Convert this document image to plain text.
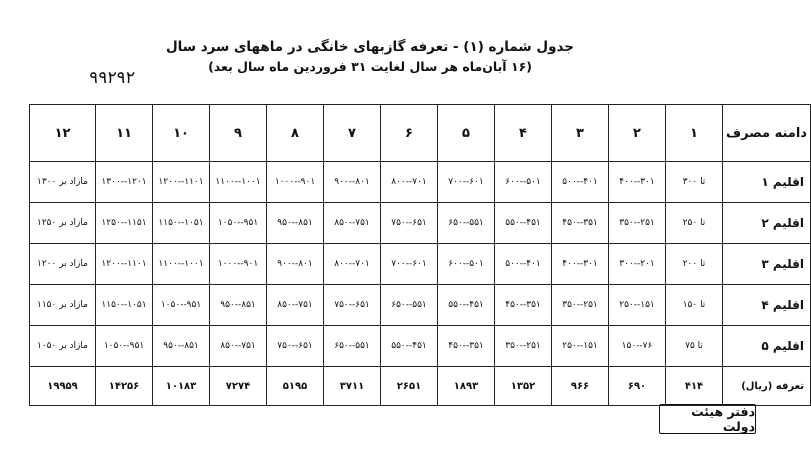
جدول شماره (۱) - تعرفه گازبهای خانگی در ماههای سرد سال
(۱۶ آبان‌ماه هر سال لغایت ۳۱ فروردین ماه سال بعد)
۹۹۲۹۲
دامنه مصرف	۱	۲	۳	۴	۵	۶	۷	۸	۹	۱۰	۱۱	۱۲
اقلیم ۱	تا ۳۰۰	۳۰۱--۴۰۰	۴۰۱--۵۰۰	۵۰۱--۶۰۰	۶۰۱--۷۰۰	۷۰۱--۸۰۰	۸۰۱--۹۰۰	۹۰۱--۱۰۰۰	۱۰۰۱--۱۱۰۰	۱۱۰۱--۱۲۰۰	۱۲۰۱--۱۳۰۰	مازاد بر ۱۳۰۰
اقلیم ۲	تا ۲۵۰	۲۵۱--۳۵۰	۳۵۱--۴۵۰	۴۵۱--۵۵۰	۵۵۱--۶۵۰	۶۵۱--۷۵۰	۷۵۱--۸۵۰	۸۵۱--۹۵۰	۹۵۱--۱۰۵۰	۱۰۵۱--۱۱۵۰	۱۱۵۱--۱۲۵۰	مازاد بر ۱۲۵۰
اقلیم ۳	تا ۲۰۰	۲۰۱--۳۰۰	۳۰۱--۴۰۰	۴۰۱--۵۰۰	۵۰۱--۶۰۰	۶۰۱--۷۰۰	۷۰۱--۸۰۰	۸۰۱--۹۰۰	۹۰۱--۱۰۰۰	۱۰۰۱--۱۱۰۰	۱۱۰۱--۱۲۰۰	مازاد بر ۱۲۰۰
اقلیم ۴	تا ۱۵۰	۱۵۱--۲۵۰	۲۵۱--۳۵۰	۳۵۱--۴۵۰	۴۵۱--۵۵۰	۵۵۱--۶۵۰	۶۵۱--۷۵۰	۷۵۱--۸۵۰	۸۵۱--۹۵۰	۹۵۱--۱۰۵۰	۱۰۵۱--۱۱۵۰	مازاد بر ۱۱۵۰
اقلیم ۵	تا ۷۵	۷۶--۱۵۰	۱۵۱--۲۵۰	۲۵۱--۳۵۰	۳۵۱--۴۵۰	۴۵۱--۵۵۰	۵۵۱--۶۵۰	۶۵۱--۷۵۰	۷۵۱--۸۵۰	۸۵۱--۹۵۰	۹۵۱--۱۰۵۰	مازاد بر ۱۰۵۰
تعرفه (ریال)	۴۱۴	۶۹۰	۹۶۶	۱۳۵۲	۱۸۹۳	۲۶۵۱	۳۷۱۱	۵۱۹۵	۷۲۷۴	۱۰۱۸۳	۱۴۲۵۶	۱۹۹۵۹
دفتر هیئت دولت
